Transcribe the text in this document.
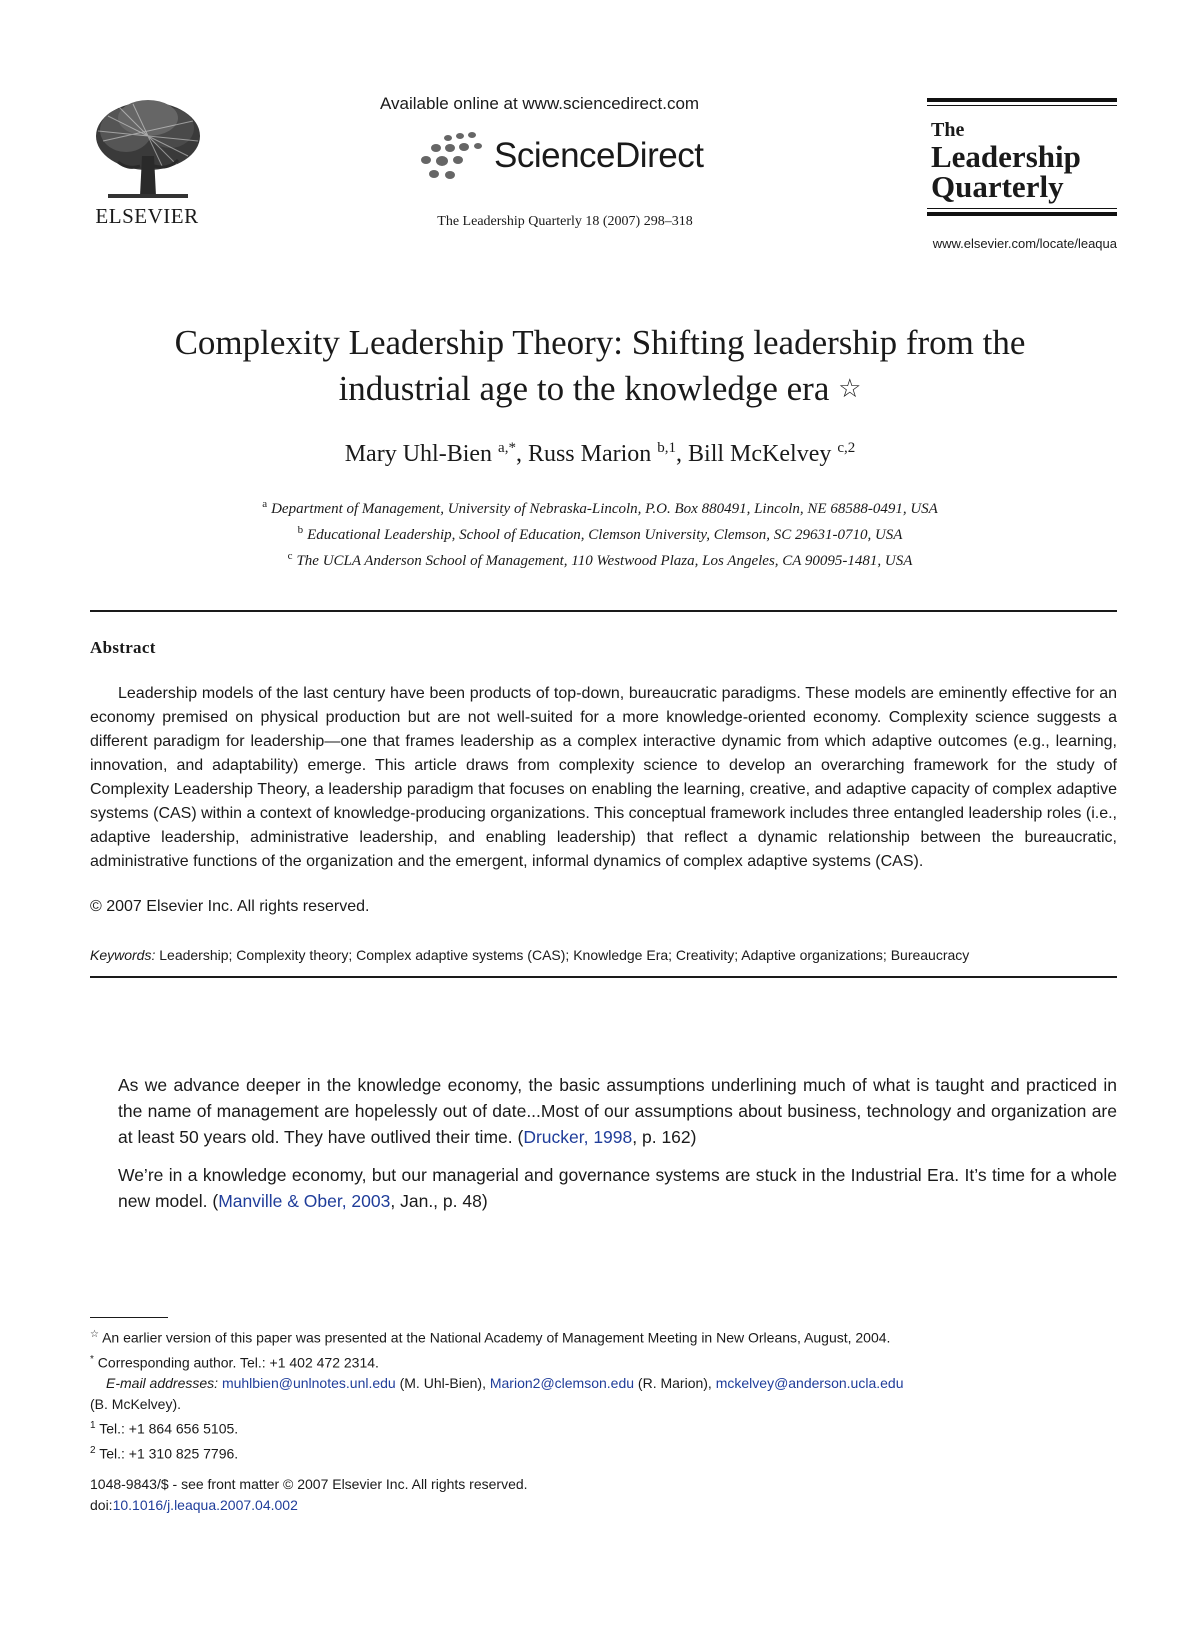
ELSEVIER
Available online at www.sciencedirect.com
ScienceDirect
The Leadership Quarterly 18 (2007) 298–318
The
Leadership
Quarterly
www.elsevier.com/locate/leaqua
Complexity Leadership Theory: Shifting leadership from the
industrial age to the knowledge era ☆
Mary Uhl-Bien $^{a,*}$, Russ Marion $^{b,1}$, Bill McKelvey $^{c,2}$
$^a$ Department of Management, University of Nebraska-Lincoln, P.O. Box 880491, Lincoln, NE 68588-0491, USA
$^b$ Educational Leadership, School of Education, Clemson University, Clemson, SC 29631-0710, USA
$^c$ The UCLA Anderson School of Management, 110 Westwood Plaza, Los Angeles, CA 90095-1481, USA
Abstract

Leadership models of the last century have been products of top-down, bureaucratic paradigms. These models are eminently effective for an economy premised on physical production but are not well-suited for a more knowledge-oriented economy. Complexity science suggests a different paradigm for leadership—one that frames leadership as a complex interactive dynamic from which adaptive outcomes (e.g., learning, innovation, and adaptability) emerge. This article draws from complexity science to develop an overarching framework for the study of Complexity Leadership Theory, a leadership paradigm that focuses on enabling the learning, creative, and adaptive capacity of complex adaptive systems (CAS) within a context of knowledge-producing organizations. This conceptual framework includes three entangled leadership roles (i.e., adaptive leadership, administrative leadership, and enabling leadership) that reflect a dynamic relationship between the bureaucratic, administrative functions of the organization and the emergent, informal dynamics of complex adaptive systems (CAS).

© 2007 Elsevier Inc. All rights reserved.
Keywords: Leadership; Complexity theory; Complex adaptive systems (CAS); Knowledge Era; Creativity; Adaptive organizations; Bureaucracy

As we advance deeper in the knowledge economy, the basic assumptions underlining much of what is taught and practiced in the name of management are hopelessly out of date...Most of our assumptions about business, technology and organization are at least 50 years old. They have outlived their time. (Drucker, 1998, p. 162)

We’re in a knowledge economy, but our managerial and governance systems are stuck in the Industrial Era. It’s time for a whole new model. (Manville & Ober, 2003, Jan., p. 48)

☆ An earlier version of this paper was presented at the National Academy of Management Meeting in New Orleans, August, 2004.

* Corresponding author. Tel.: +1 402 472 2314.

E-mail addresses: muhlbien@unlnotes.unl.edu (M. Uhl-Bien), Marion2@clemson.edu (R. Marion), mckelvey@anderson.ucla.edu

(B. McKelvey).

$^1$ Tel.: +1 864 656 5105.

$^2$ Tel.: +1 310 825 7796.

1048-9843/$ - see front matter © 2007 Elsevier Inc. All rights reserved.
doi:10.1016/j.leaqua.2007.04.002
